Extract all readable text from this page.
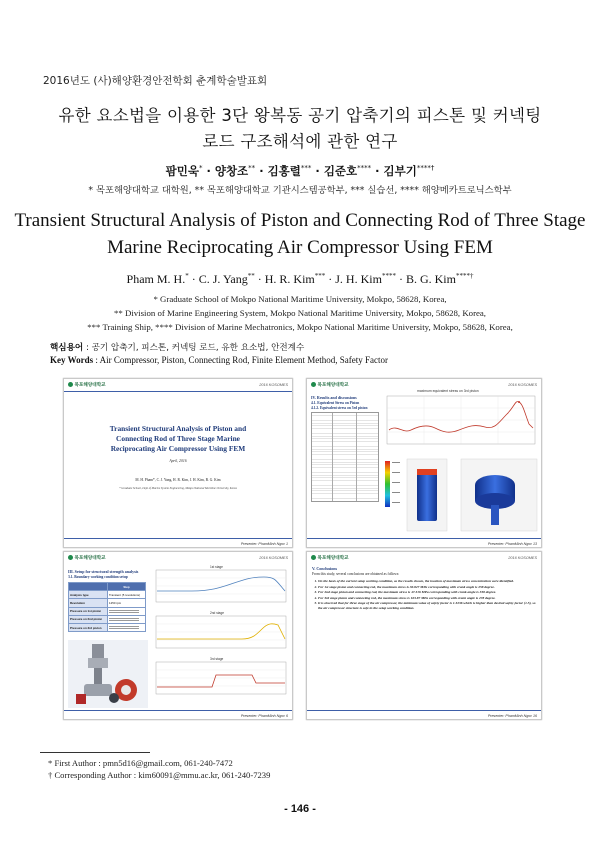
2016년도 (사)해양환경안전학회 춘계학술발표회
유한 요소법을 이용한 3단 왕복동 공기 압축기의 피스톤 및 커넥팅
로드 구조해석에 관한 연구
팜민욱* · 양창조** · 김홍렬*** · 김준호**** · 김부기****†
* 목포해양대학교 대학원, ** 목포해양대학교 기관시스템공학부, *** 실습선, **** 해양메카트로닉스학부
Transient Structural Analysis of Piston and Connecting Rod of Three Stage
Marine Reciprocating Air Compressor Using FEM
Pham M. H.* · C. J. Yang** · H. R. Kim*** · J. H. Kim**** · B. G. Kim****†
* Graduate School of Mokpo National Maritime University, Mokpo, 58628, Korea,
** Division of Marine Engineering System, Mokpo National Maritime University, Mokpo, 58628, Korea,
*** Training Ship, **** Division of Marine Mechatronics, Mokpo National Maritime University, Mokpo, 58628, Korea,
핵심용어 : 공기 압축기, 피스톤, 커넥팅 로드, 유한 요소법, 안전계수
Key Words : Air Compressor, Piston, Connecting Rod, Finite Element Method, Safety Factor
목포해양대학교	2016 KOSOMES
Transient Structural Analysis of Piston and
Connecting Rod of Three Stage Marine
Reciprocating Air Compressor Using FEM
April, 2016
M. H. Pham*, C. J. Yang, H. R. Kim, J. H. Kim, B. G. Kim
* Graduate School, Dept of Marine System Engineering, Mokpo National Maritime University, Korea
Presenter: PhamMinh Ngoc 1
목포해양대학교	2016 KOSOMES
IV. Results and discussions
4.1. Equivalent Stress on Piston
4.1.2. Equivalent stress on 3rd piston
maximum equivalent stress on 3rd piston
Presenter: PhamMinh Ngoc 13
목포해양대학교	2016 KOSOMES
III. Setup for structural strength analysis
3.1. Boundary working condition setup
	Step
Analysis type	Transient (5 revolutions)
Revolution	1250 rpm
Pressure on 1st piston	

Pressure on 2nd piston	

Pressure on 3rd piston	
1st stage
2nd stage
3rd stage
Presenter: PhamMinh Ngoc 6
목포해양대학교	2016 KOSOMES
V. Conclusions
From this study, several conclusions are obtained as follows:
1. On the basis of the current setup working condition, as the results shown, the location of maximum stress concentration were identified.
2. For 1st stage piston and connecting rod, the maximum stress is 36.827 MPa corresponding with crank angle is 258 degree.
3. For 2nd stage piston and connecting rod, the maximum stress is 47.316 MPa corresponding with crank angle is 338 degree.
4. For 3rd stage piston and connecting rod, the maximum stress is 163.87 MPa corresponding with crank angle is 278 degree.
5. It is observed that for three stage of the air compressor, the minimum value of safety factor is 1.3236 which is higher than desired safety factor (1.5), so the air compressor structure is safe in the setup working condition.
Presenter: PhamMinh Ngoc 16
* First Author : pmn5d16@gmail.com, 061-240-7472
† Corresponding Author : kim60091@mmu.ac.kr, 061-240-7239
- 146 -
